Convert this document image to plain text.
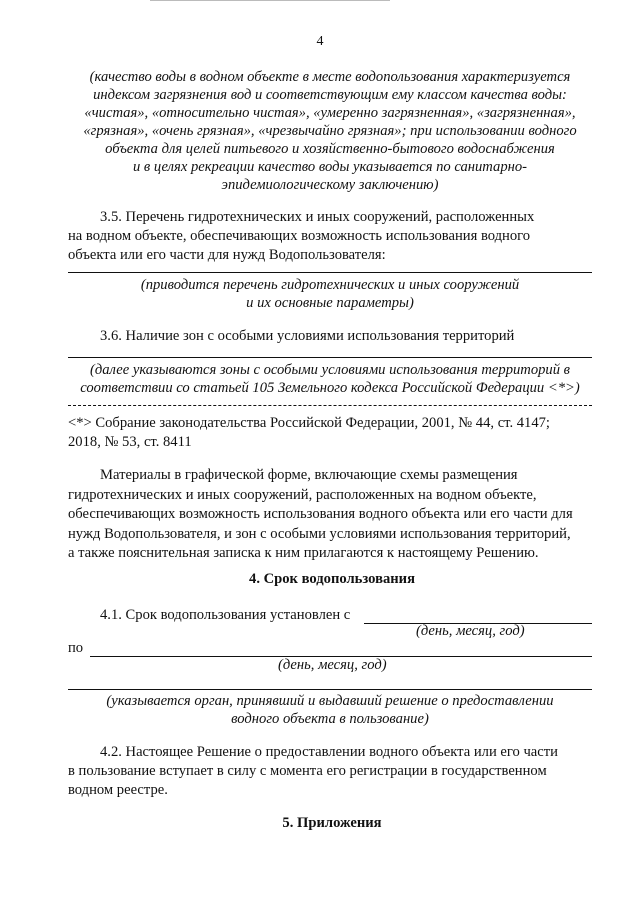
4
(качество воды в водном объекте в месте водопользования характеризуется
индексом загрязнения вод и соответствующим ему классом качества воды:
«чистая», «относительно чистая», «умеренно загрязненная», «загрязненная»,
«грязная», «очень грязная», «чрезвычайно грязная»; при использовании водного
объекта для целей питьевого и хозяйственно-бытового водоснабжения
и в целях рекреации качество воды указывается по санитарно-
эпидемиологическому заключению)
3.5. Перечень гидротехнических и иных сооружений, расположенных
на водном объекте, обеспечивающих возможность использования водного
объекта или его части для нужд Водопользователя:
(приводится перечень гидротехнических и иных сооружений
и их основные параметры)
3.6. Наличие зон с особыми условиями использования территорий
(далее указываются зоны с особыми условиями использования территорий в
соответствии со статьей 105 Земельного кодекса Российской Федерации <*>)
<*> Собрание законодательства Российской Федерации, 2001, № 44, ст. 4147;
2018, № 53, ст. 8411
Материалы в графической форме, включающие схемы размещения
гидротехнических и иных сооружений, расположенных на водном объекте,
обеспечивающих возможность использования водного объекта или его части для
нужд Водопользователя, и зон с особыми условиями использования территорий,
а также пояснительная записка к ним прилагаются к настоящему Решению.
4. Срок водопользования
4.1. Срок водопользования установлен с
(день, месяц, год)
по
(день, месяц, год)
(указывается орган, принявший и выдавший решение о предоставлении
водного объекта в пользование)
4.2. Настоящее Решение о предоставлении водного объекта или его части
в пользование вступает в силу с момента его регистрации в государственном
водном реестре.
5. Приложения
